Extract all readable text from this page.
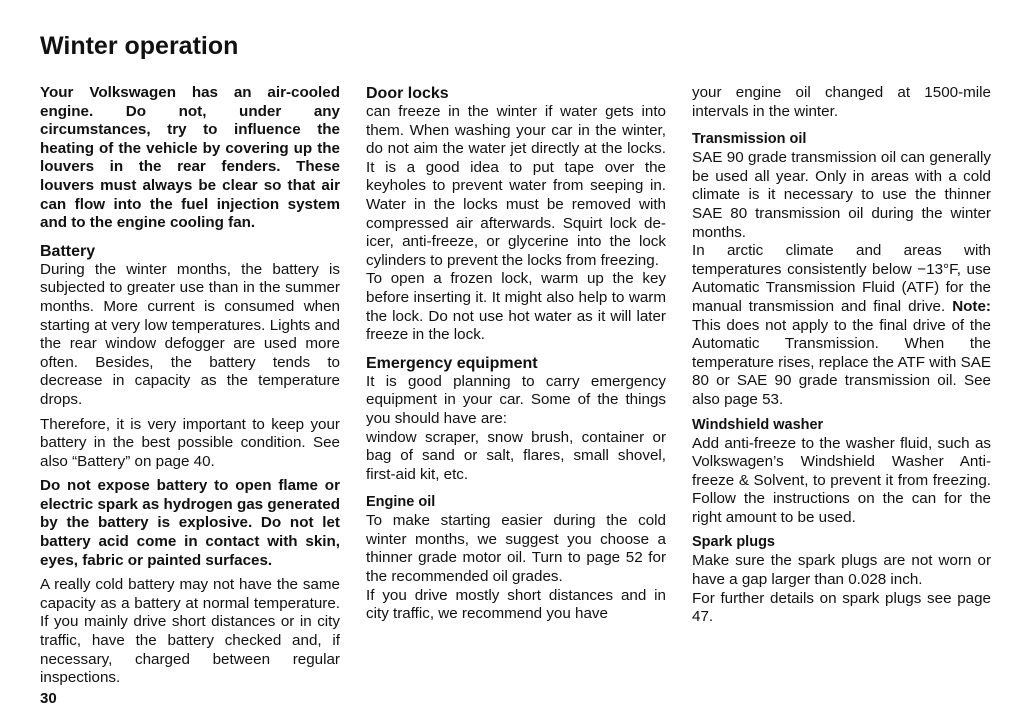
Winter operation

Your Volkswagen has an air-cooled engine. Do not, under any circumstances, try to influence the heating of the vehicle by covering up the louvers in the rear fenders. These louvers must always be clear so that air can flow into the fuel injection system and to the engine cooling fan.

Battery

During the winter months, the battery is subjected to greater use than in the summer months. More current is consumed when starting at very low temperatures. Lights and the rear window defogger are used more often. Besides, the battery tends to decrease in capacity as the temperature drops.

Therefore, it is very important to keep your battery in the best possible condition. See also “Battery” on page 40.

Do not expose battery to open flame or electric spark as hydrogen gas generated by the battery is explosive. Do not let battery acid come in contact with skin, eyes, fabric or painted surfaces.

A really cold battery may not have the same capacity as a battery at normal temperature. If you mainly drive short distances or in city traffic, have the battery checked and, if necessary, charged between regular inspections.

Door locks

can freeze in the winter if water gets into them. When washing your car in the winter, do not aim the water jet directly at the locks. It is a good idea to put tape over the keyholes to prevent water from seeping in. Water in the locks must be removed with compressed air afterwards. Squirt lock de-icer, anti-freeze, or glycerine into the lock cylinders to prevent the locks from freezing.

To open a frozen lock, warm up the key before inserting it. It might also help to warm the lock. Do not use hot water as it will later freeze in the lock.

Emergency equipment

It is good planning to carry emergency equipment in your car. Some of the things you should have are:

window scraper, snow brush, container or bag of sand or salt, flares, small shovel, first-aid kit, etc.

Engine oil

To make starting easier during the cold winter months, we suggest you choose a thinner grade motor oil. Turn to page 52 for the recommended oil grades.

If you drive mostly short distances and in city traffic, we recommend you have

your engine oil changed at 1500-mile intervals in the winter.

Transmission oil

SAE 90 grade transmission oil can generally be used all year. Only in areas with a cold climate is it necessary to use the thinner SAE 80 transmission oil during the winter months.

In arctic climate and areas with temperatures consistently below −13°F, use Automatic Transmission Fluid (ATF) for the manual transmission and final drive. Note: This does not apply to the final drive of the Automatic Transmission. When the temperature rises, replace the ATF with SAE 80 or SAE 90 grade transmission oil. See also page 53.

Windshield washer

Add anti-freeze to the washer fluid, such as Volkswagen’s Windshield Washer Anti-freeze & Solvent, to prevent it from freezing. Follow the instructions on the can for the right amount to be used.

Spark plugs

Make sure the spark plugs are not worn or have a gap larger than 0.028 inch.

For further details on spark plugs see page 47.

30
